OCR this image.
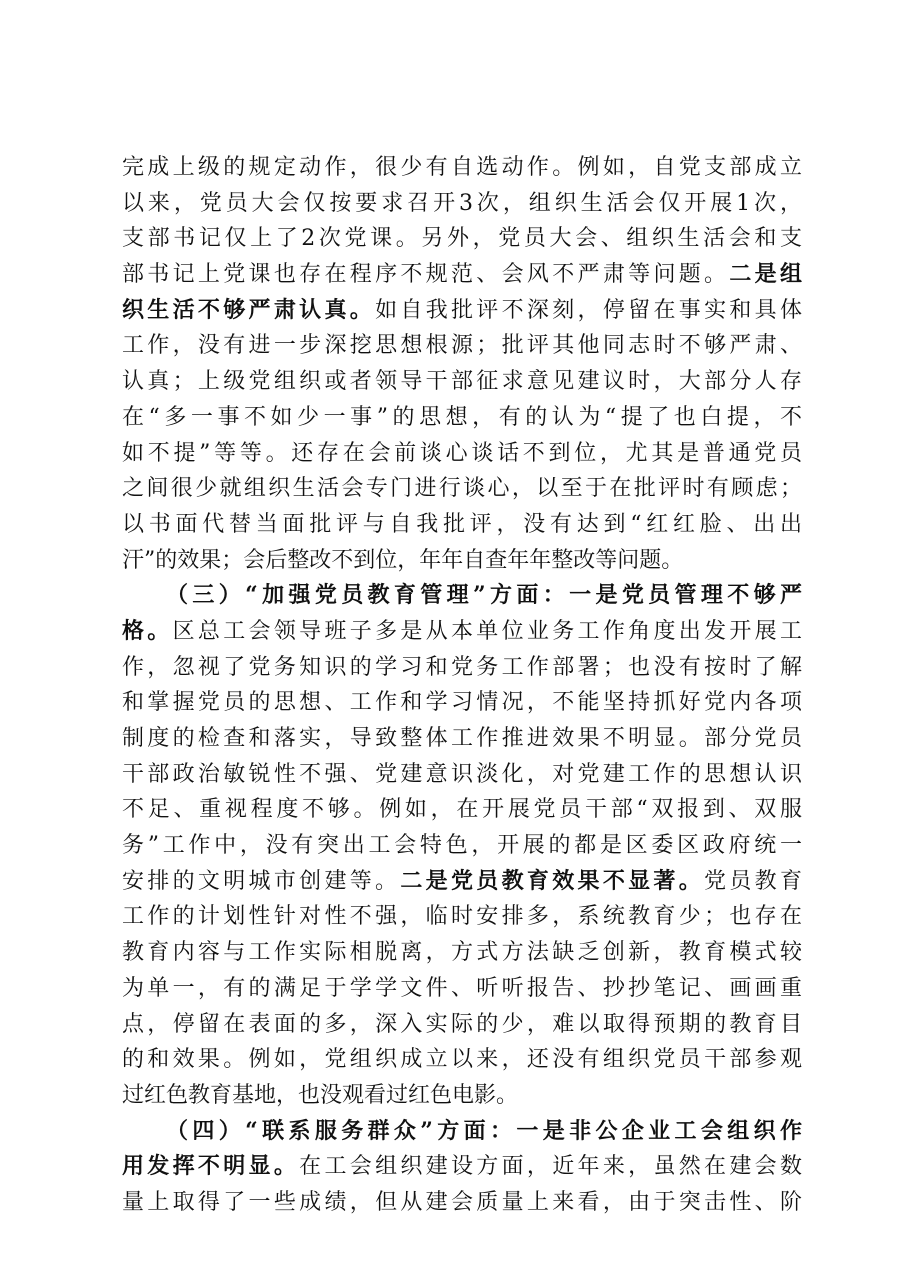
完成上级的规定动作，很少有自选动作。例如，自党支部成立
以来，党员大会仅按要求召开3次，组织生活会仅开展1次，
支部书记仅上了2次党课。另外，党员大会、组织生活会和支
部书记上党课也存在程序不规范、会风不严肃等问题。二是组
织生活不够严肃认真。如自我批评不深刻，停留在事实和具体
工作，没有进一步深挖思想根源；批评其他同志时不够严肃、
认真；上级党组织或者领导干部征求意见建议时，大部分人存
在“多一事不如少一事”的思想，有的认为“提了也白提，不
如不提”等等。还存在会前谈心谈话不到位，尤其是普通党员
之间很少就组织生活会专门进行谈心，以至于在批评时有顾虑；
以书面代替当面批评与自我批评，没有达到“红红脸、出出
汗”的效果；会后整改不到位，年年自查年年整改等问题。
（三）“加强党员教育管理”方面：一是党员管理不够严
格。区总工会领导班子多是从本单位业务工作角度出发开展工
作，忽视了党务知识的学习和党务工作部署；也没有按时了解
和掌握党员的思想、工作和学习情况，不能坚持抓好党内各项
制度的检查和落实，导致整体工作推进效果不明显。部分党员
干部政治敏锐性不强、党建意识淡化，对党建工作的思想认识
不足、重视程度不够。例如，在开展党员干部“双报到、双服
务”工作中，没有突出工会特色，开展的都是区委区政府统一
安排的文明城市创建等。二是党员教育效果不显著。党员教育
工作的计划性针对性不强，临时安排多，系统教育少；也存在
教育内容与工作实际相脱离，方式方法缺乏创新，教育模式较
为单一，有的满足于学学文件、听听报告、抄抄笔记、画画重
点，停留在表面的多，深入实际的少，难以取得预期的教育目
的和效果。例如，党组织成立以来，还没有组织党员干部参观
过红色教育基地，也没观看过红色电影。
（四）“联系服务群众”方面：一是非公企业工会组织作
用发挥不明显。在工会组织建设方面，近年来，虽然在建会数
量上取得了一些成绩，但从建会质量上来看，由于突击性、阶
